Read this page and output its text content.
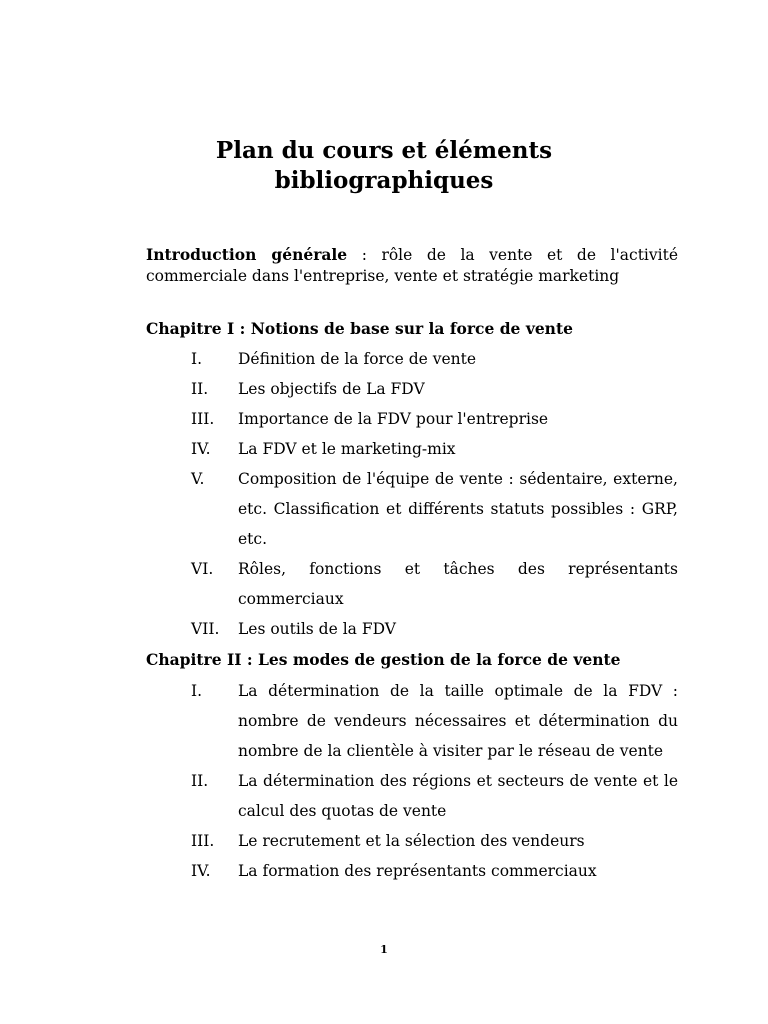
Plan du cours et éléments
bibliographiques
Introduction générale : rôle de la vente et de l'activité commerciale dans l'entreprise, vente et stratégie marketing
Chapitre I : Notions de base sur la force de vente
I. Définition de la force de vente
II. Les objectifs de La FDV
III. Importance de la FDV pour l'entreprise
IV. La FDV et le marketing-mix
V. Composition de l'équipe de vente : sédentaire, externe, etc. Classification et différents statuts possibles : GRP, etc.
VI. Rôles, fonctions et tâches des représentants commerciaux
VII. Les outils de la FDV
Chapitre II : Les modes de gestion de la force de vente
I. La détermination de la taille optimale de la FDV : nombre de vendeurs nécessaires et détermination du nombre de la clientèle à visiter par le réseau de vente
II. La détermination des régions et secteurs de vente et le calcul des quotas de vente
III. Le recrutement et la sélection des vendeurs
IV. La formation des représentants commerciaux
1
